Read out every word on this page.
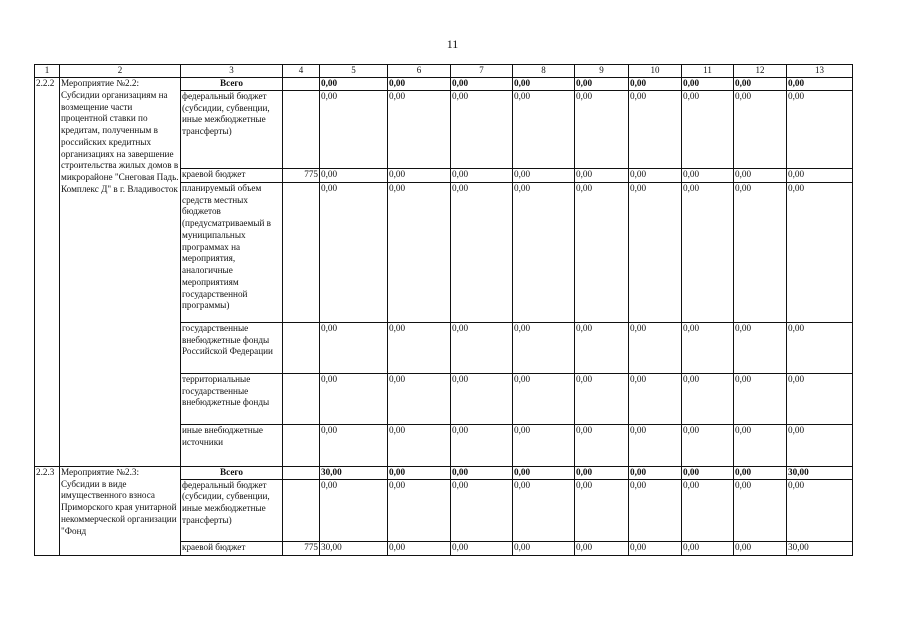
11
1	2	3	4	5	6	7	8	9	10	11	12	13
2.2.2	Мероприятие №2.2: Субсидии организациям на возмещение части процентной ставки по кредитам, полученным в российских кредитных организациях на завершение строительства жилых домов в микрорайоне "Снеговая Падь. Комплекс Д" в г. Владивосток	Всего		0,00	0,00	0,00	0,00	0,00	0,00	0,00	0,00	0,00
		федеральный бюджет (субсидии, субвенции, иные межбюджетные трансферты)		0,00	0,00	0,00	0,00	0,00	0,00	0,00	0,00	0,00
		краевой бюджет	775	0,00	0,00	0,00	0,00	0,00	0,00	0,00	0,00	0,00
		планируемый объем средств местных бюджетов (предусматриваемый в муниципальных программах на мероприятия, аналогичные мероприятиям государственной программы)		0,00	0,00	0,00	0,00	0,00	0,00	0,00	0,00	0,00
		государственные внебюджетные фонды Российской Федерации		0,00	0,00	0,00	0,00	0,00	0,00	0,00	0,00	0,00
		территориальные государственные внебюджетные фонды		0,00	0,00	0,00	0,00	0,00	0,00	0,00	0,00	0,00
		иные внебюджетные источники		0,00	0,00	0,00	0,00	0,00	0,00	0,00	0,00	0,00
2.2.3	Мероприятие №2.3: Субсидии в виде имущественного взноса Приморского края унитарной некоммерческой организации "Фонд	Всего		30,00	0,00	0,00	0,00	0,00	0,00	0,00	0,00	30,00
		федеральный бюджет (субсидии, субвенции, иные межбюджетные трансферты)		0,00	0,00	0,00	0,00	0,00	0,00	0,00	0,00	0,00
		краевой бюджет	775	30,00	0,00	0,00	0,00	0,00	0,00	0,00	0,00	30,00
